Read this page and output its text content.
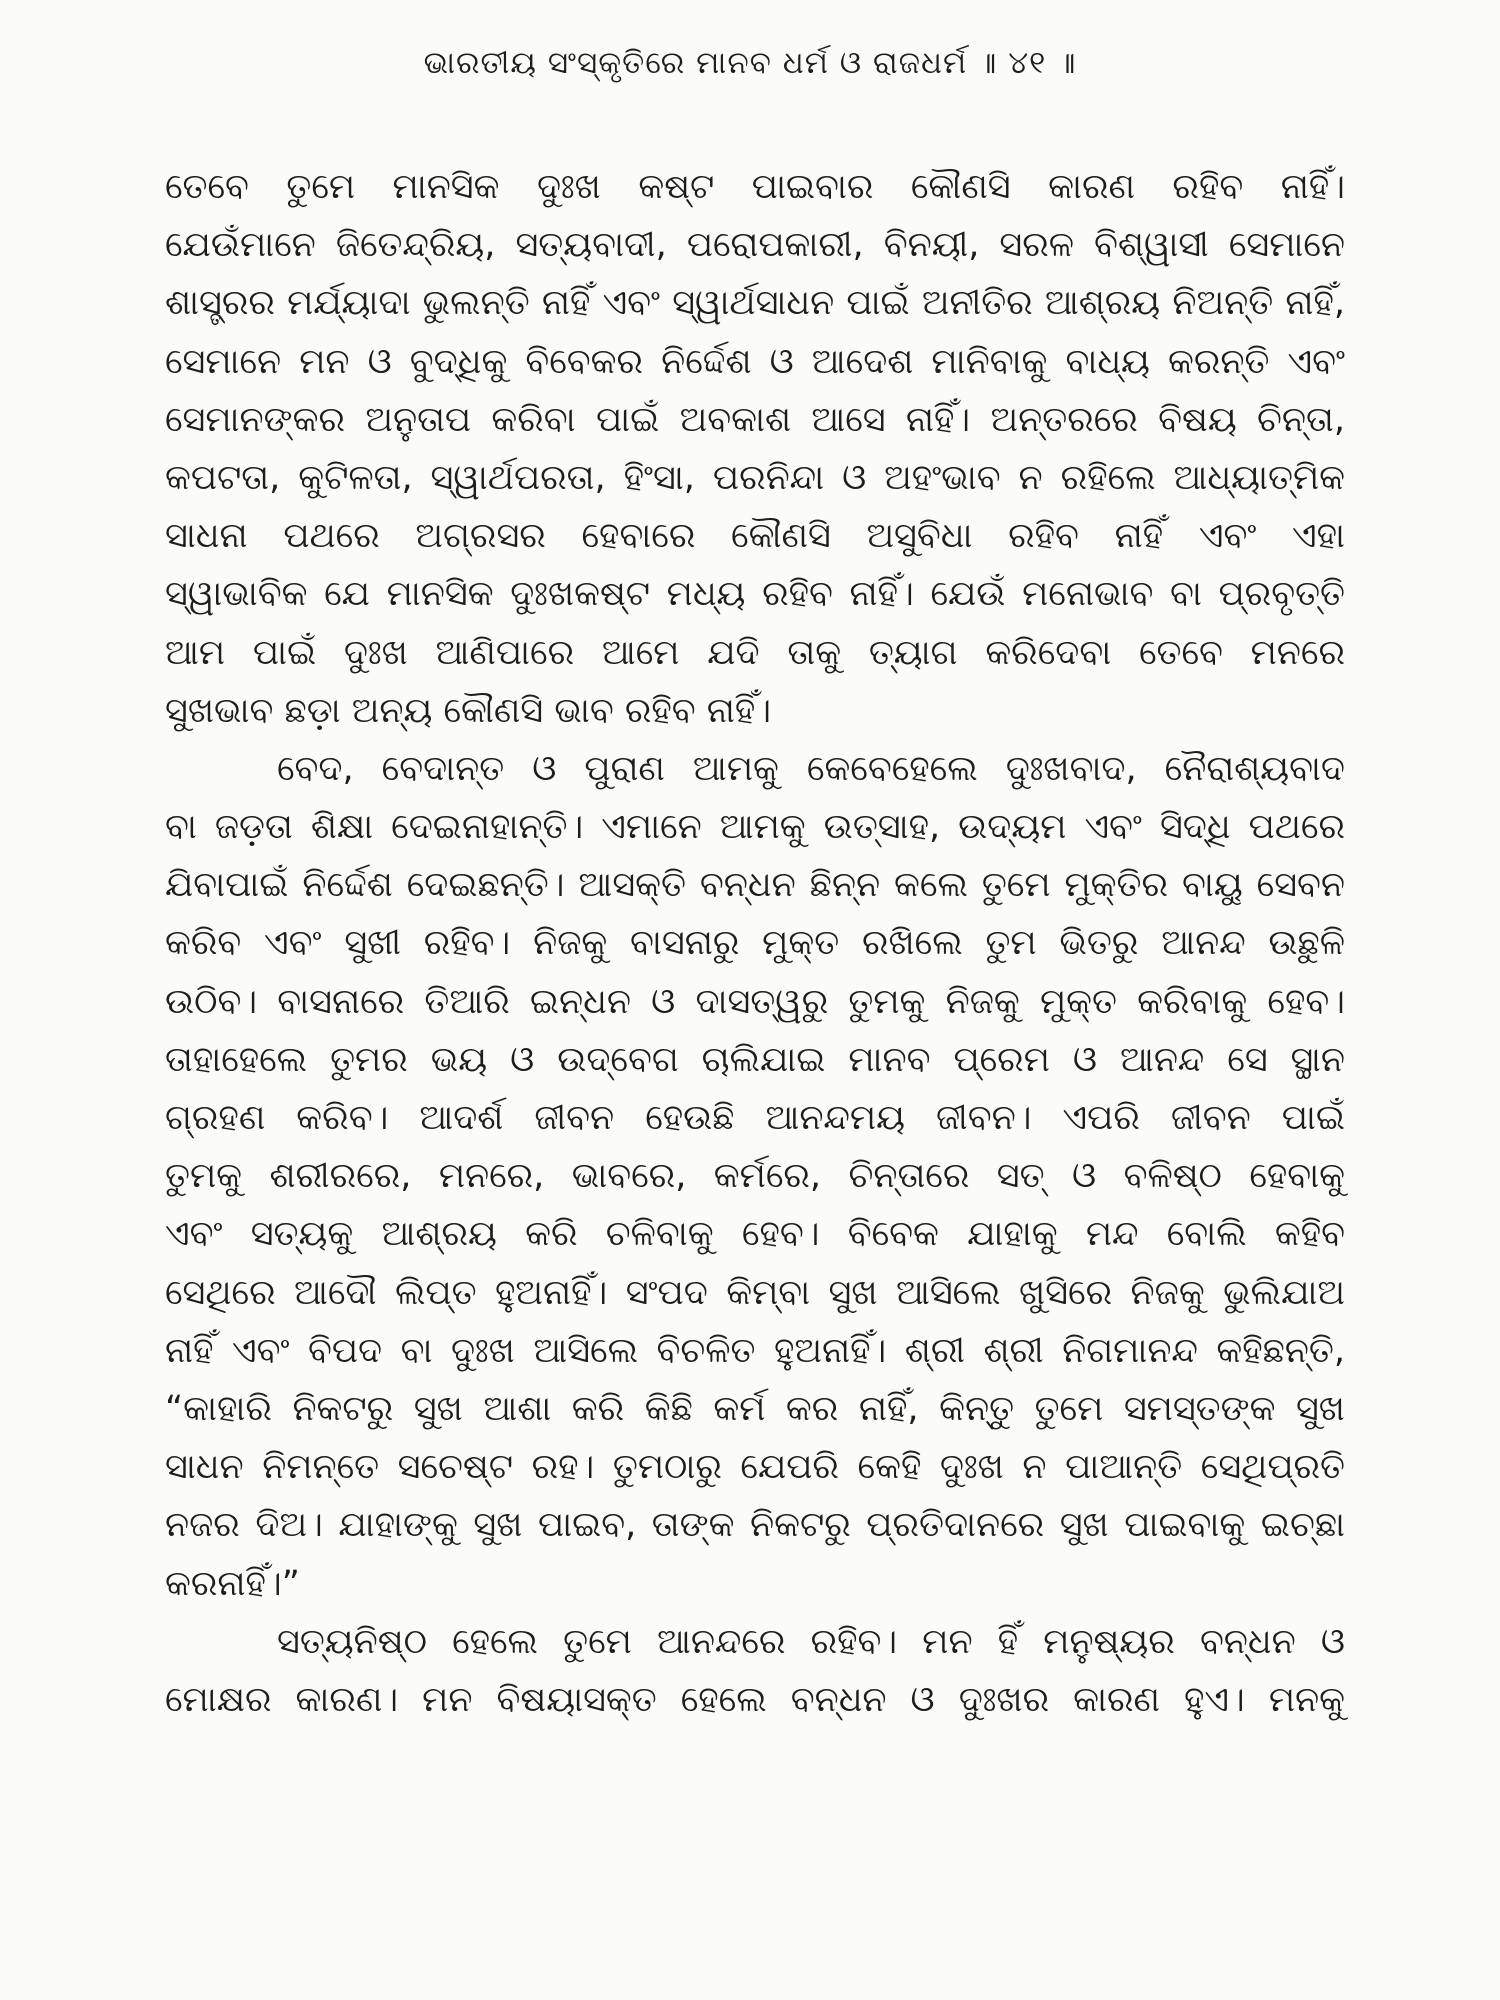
ଭାରତୀୟ ସଂସ୍କୃତିରେ ମାନବ ଧର୍ମ ଓ ରାଜଧର୍ମ ॥ ୪୧ ॥
ତେବେ ତୁମେ ମାନସିକ ଦୁଃଖ କଷ୍ଟ ପାଇବାର କୌଣସି କାରଣ ରହିବ ନାହିଁ।
ଯେଉଁମାନେ ଜିତେନ୍ଦ୍ରିୟ, ସତ୍ୟବାଦୀ, ପରୋପକାରୀ, ବିନୟୀ, ସରଳ ବିଶ୍ୱାସୀ ସେମାନେ
ଶାସ୍ତ୍ରର ମର୍ଯ୍ୟାଦା ଭୁଲନ୍ତି ନାହିଁ ଏବଂ ସ୍ୱାର୍ଥସାଧନ ପାଇଁ ଅନୀତିର ଆଶ୍ରୟ ନିଅନ୍ତି ନାହିଁ,
ସେମାନେ ମନ ଓ ବୁଦ୍ଧିକୁ ବିବେକର ନିର୍ଦ୍ଦେଶ ଓ ଆଦେଶ ମାନିବାକୁ ବାଧ୍ୟ କରନ୍ତି ଏବଂ
ସେମାନଙ୍କର ଅନୁତାପ କରିବା ପାଇଁ ଅବକାଶ ଆସେ ନାହିଁ। ଅନ୍ତରରେ ବିଷୟ ଚିନ୍ତା,
କପଟତା, କୁଟିଳତା, ସ୍ୱାର୍ଥପରତା, ହିଂସା, ପରନିନ୍ଦା ଓ ଅହଂଭାବ ନ ରହିଲେ ଆଧ୍ୟାତ୍ମିକ
ସାଧନା ପଥରେ ଅଗ୍ରସର ହେବାରେ କୌଣସି ଅସୁବିଧା ରହିବ ନାହିଁ ଏବଂ ଏହା
ସ୍ୱାଭାବିକ ଯେ ମାନସିକ ଦୁଃଖକଷ୍ଟ ମଧ୍ୟ ରହିବ ନାହିଁ। ଯେଉଁ ମନୋଭାବ ବା ପ୍ରବୃତ୍ତି
ଆମ ପାଇଁ ଦୁଃଖ ଆଣିପାରେ ଆମେ ଯଦି ତାକୁ ତ୍ୟାଗ କରିଦେବା ତେବେ ମନରେ
ସୁଖଭାବ ଛଡ଼ା ଅନ୍ୟ କୌଣସି ଭାବ ରହିବ ନାହିଁ।
ବେଦ, ବେଦାନ୍ତ ଓ ପୁରାଣ ଆମକୁ କେବେହେଲେ ଦୁଃଖବାଦ, ନୈରାଶ୍ୟବାଦ
ବା ଜଡ଼ତା ଶିକ୍ଷା ଦେଇନାହାନ୍ତି। ଏମାନେ ଆମକୁ ଉତ୍ସାହ, ଉଦ୍ୟମ ଏବଂ ସିଦ୍ଧି ପଥରେ
ଯିବାପାଇଁ ନିର୍ଦ୍ଦେଶ ଦେଇଛନ୍ତି। ଆସକ୍ତି ବନ୍ଧନ ଛିନ୍ନ କଲେ ତୁମେ ମୁକ୍ତିର ବାୟୁ ସେବନ
କରିବ ଏବଂ ସୁଖୀ ରହିବ। ନିଜକୁ ବାସନାରୁ ମୁକ୍ତ ରଖିଲେ ତୁମ ଭିତରୁ ଆନନ୍ଦ ଉଛୁଳି
ଉଠିବ। ବାସନାରେ ତିଆରି ଇନ୍ଧନ ଓ ଦାସତ୍ୱରୁ ତୁମକୁ ନିଜକୁ ମୁକ୍ତ କରିବାକୁ ହେବ।
ତାହାହେଲେ ତୁମର ଭୟ ଓ ଉଦ୍‌ବେଗ ଚାଲିଯାଇ ମାନବ ପ୍ରେମ ଓ ଆନନ୍ଦ ସେ ସ୍ଥାନ
ଗ୍ରହଣ କରିବ। ଆଦର୍ଶ ଜୀବନ ହେଉଛି ଆନନ୍ଦମୟ ଜୀବନ। ଏପରି ଜୀବନ ପାଇଁ
ତୁମକୁ ଶରୀରରେ, ମନରେ, ଭାବରେ, କର୍ମରେ, ଚିନ୍ତାରେ ସତ୍‌ ଓ ବଳିଷ୍ଠ ହେବାକୁ
ଏବଂ ସତ୍ୟକୁ ଆଶ୍ରୟ କରି ଚଳିବାକୁ ହେବ। ବିବେକ ଯାହାକୁ ମନ୍ଦ ବୋଲି କହିବ
ସେଥିରେ ଆଦୌ ଲିପ୍ତ ହୁଅନାହିଁ। ସଂପଦ କିମ୍ବା ସୁଖ ଆସିଲେ ଖୁସିରେ ନିଜକୁ ଭୁଲିଯାଅ
ନାହିଁ ଏବଂ ବିପଦ ବା ଦୁଃଖ ଆସିଲେ ବିଚଳିତ ହୁଅନାହିଁ। ଶ୍ରୀ ଶ୍ରୀ ନିଗମାନନ୍ଦ କହିଛନ୍ତି,
“କାହାରି ନିକଟରୁ ସୁଖ ଆଶା କରି କିଛି କର୍ମ କର ନାହିଁ, କିନ୍ତୁ ତୁମେ ସମସ୍ତଙ୍କ ସୁଖ
ସାଧନ ନିମନ୍ତେ ସଚେଷ୍ଟ ରହ। ତୁମଠାରୁ ଯେପରି କେହି ଦୁଃଖ ନ ପାଆନ୍ତି ସେଥିପ୍ରତି
ନଜର ଦିଅ। ଯାହାଙ୍କୁ ସୁଖ ପାଇବ, ତାଙ୍କ ନିକଟରୁ ପ୍ରତିଦାନରେ ସୁଖ ପାଇବାକୁ ଇଚ୍ଛା
କରନାହିଁ।”
ସତ୍ୟନିଷ୍ଠ ହେଲେ ତୁମେ ଆନନ୍ଦରେ ରହିବ। ମନ ହିଁ ମନୁଷ୍ୟର ବନ୍ଧନ ଓ
ମୋକ୍ଷର କାରଣ। ମନ ବିଷୟାସକ୍ତ ହେଲେ ବନ୍ଧନ ଓ ଦୁଃଖର କାରଣ ହୁଏ। ମନକୁ
